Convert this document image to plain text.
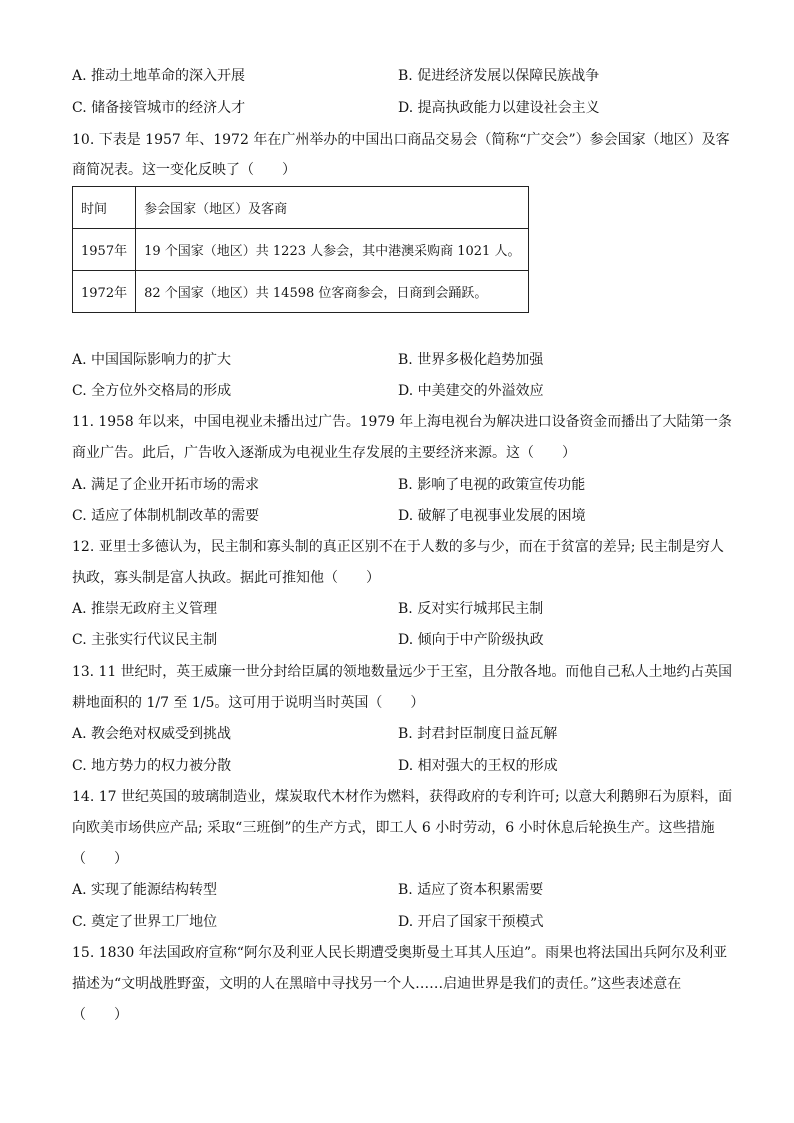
A. 推动土地革命的深入开展	B. 促进经济发展以保障民族战争
C. 储备接管城市的经济人才	D. 提高执政能力以建设社会主义
10. 下表是 1957 年、1972 年在广州举办的中国出口商品交易会（简称“广交会”）参会国家（地区）及客
商简况表。这一变化反映了（　　）
时间	参会国家（地区）及客商
1957年	19 个国家（地区）共 1223 人参会，其中港澳采购商 1021 人。
1972年	82 个国家（地区）共 14598 位客商参会，日商到会踊跃。
A. 中国国际影响力的扩大	B. 世界多极化趋势加强
C. 全方位外交格局的形成	D. 中美建交的外溢效应
11. 1958 年以来，中国电视业未播出过广告。1979 年上海电视台为解决进口设备资金而播出了大陆第一条
商业广告。此后，广告收入逐渐成为电视业生存发展的主要经济来源。这（　　）
A. 满足了企业开拓市场的需求	B. 影响了电视的政策宣传功能
C. 适应了体制机制改革的需要	D. 破解了电视事业发展的困境
12. 亚里士多德认为，民主制和寡头制的真正区别不在于人数的多与少，而在于贫富的差异; 民主制是穷人
执政，寡头制是富人执政。据此可推知他（　　）
A. 推崇无政府主义管理	B. 反对实行城邦民主制
C. 主张实行代议民主制	D. 倾向于中产阶级执政
13. 11 世纪时，英王威廉一世分封给臣属的领地数量远少于王室，且分散各地。而他自己私人土地约占英国
耕地面积的 1/7 至 1/5。这可用于说明当时英国（　　）
A. 教会绝对权威受到挑战	B. 封君封臣制度日益瓦解
C. 地方势力的权力被分散	D. 相对强大的王权的形成
14. 17 世纪英国的玻璃制造业，煤炭取代木材作为燃料，获得政府的专利许可; 以意大利鹅卵石为原料，面
向欧美市场供应产品; 采取“三班倒”的生产方式，即工人 6 小时劳动，6 小时休息后轮换生产。这些措施
（　　）
A. 实现了能源结构转型	B. 适应了资本积累需要
C. 奠定了世界工厂地位	D. 开启了国家干预模式
15. 1830 年法国政府宣称“阿尔及利亚人民长期遭受奥斯曼土耳其人压迫”。雨果也将法国出兵阿尔及利亚
描述为“文明战胜野蛮，文明的人在黑暗中寻找另一个人……启迪世界是我们的责任。”这些表述意在
（　　）
